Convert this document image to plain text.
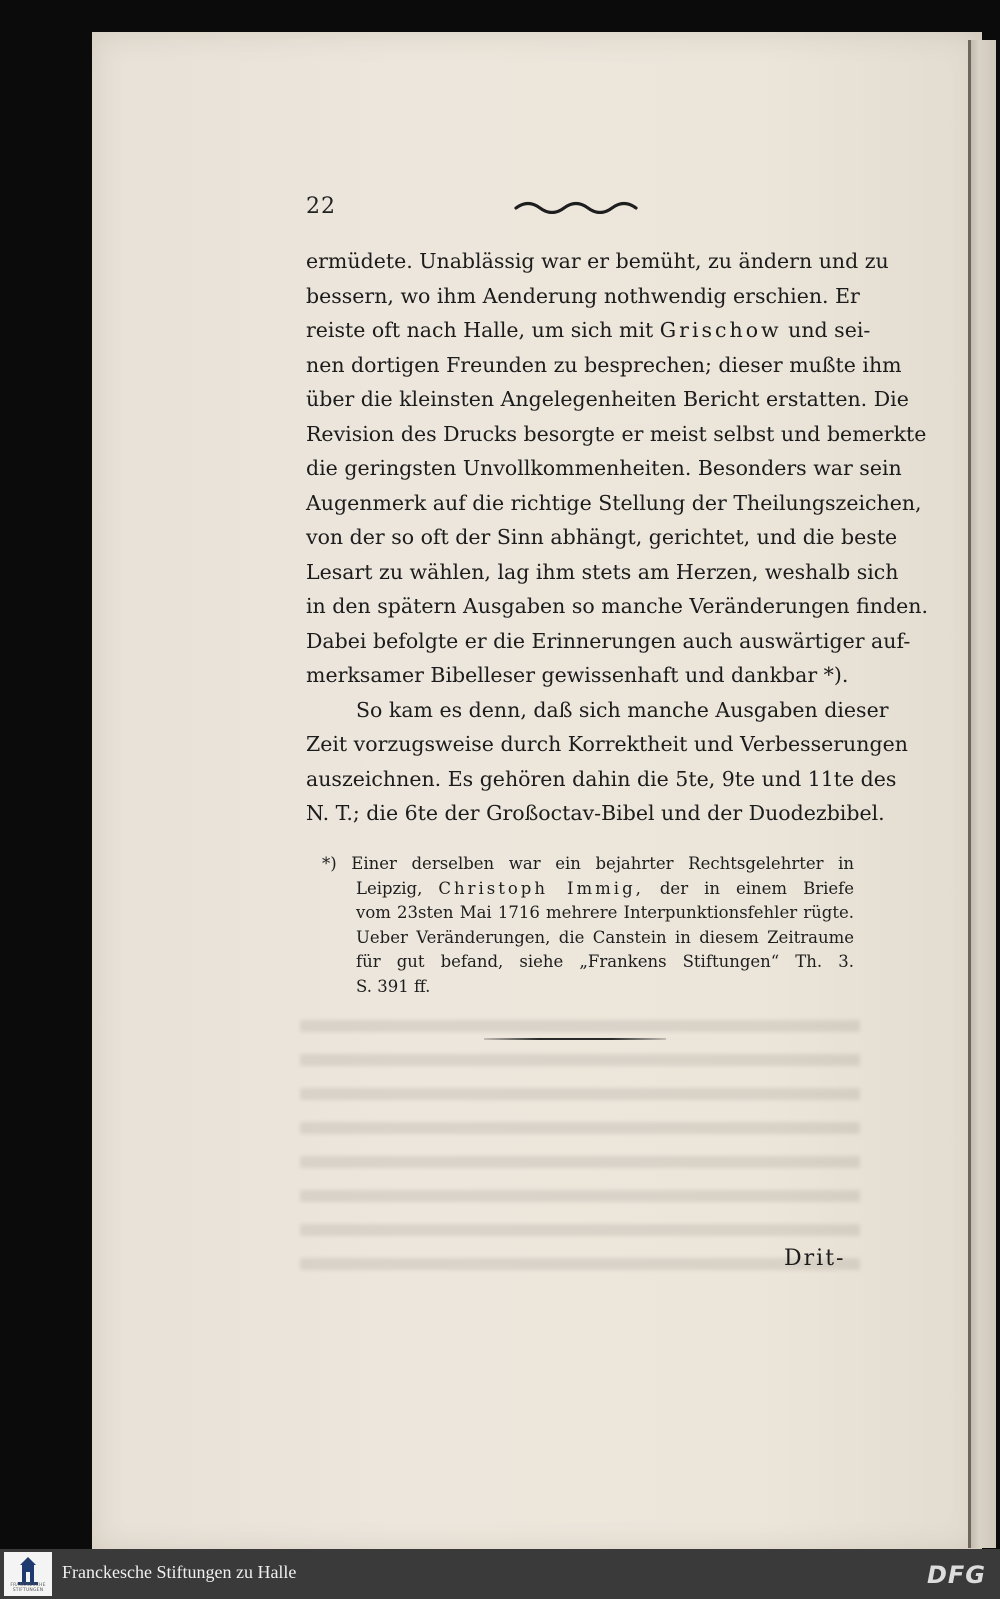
22
ermüdete. Unablässig war er bemüht, zu ändern und zu
bessern, wo ihm Aenderung nothwendig erschien. Er
reiste oft nach Halle, um sich mit Grischow und sei-
nen dortigen Freunden zu besprechen; dieser mußte ihm
über die kleinsten Angelegenheiten Bericht erstatten. Die
Revision des Drucks besorgte er meist selbst und bemerkte
die geringsten Unvollkommenheiten. Besonders war sein
Augenmerk auf die richtige Stellung der Theilungszeichen,
von der so oft der Sinn abhängt, gerichtet, und die beste
Lesart zu wählen, lag ihm stets am Herzen, weshalb sich
in den spätern Ausgaben so manche Veränderungen finden.
Dabei befolgte er die Erinnerungen auch auswärtiger auf-
merksamer Bibelleser gewissenhaft und dankbar *).
So kam es denn, daß sich manche Ausgaben dieser
Zeit vorzugsweise durch Korrektheit und Verbesserungen
auszeichnen. Es gehören dahin die 5te, 9te und 11te des
N. T.; die 6te der Großoctav-Bibel und der Duodezbibel.
*) Einer derselben war ein bejahrter Rechtsgelehrter in
Leipzig, Christoph Immig, der in einem Briefe
vom 23sten Mai 1716 mehrere Interpunktionsfehler rügte.
Ueber Veränderungen, die Canstein in diesem Zeitraume
für gut befand, siehe „Frankens Stiftungen“ Th. 3.
S. 391 ff.
Drit-
FRANCKESCHE STIFTUNGEN
Franckesche Stiftungen zu Halle	DFG
